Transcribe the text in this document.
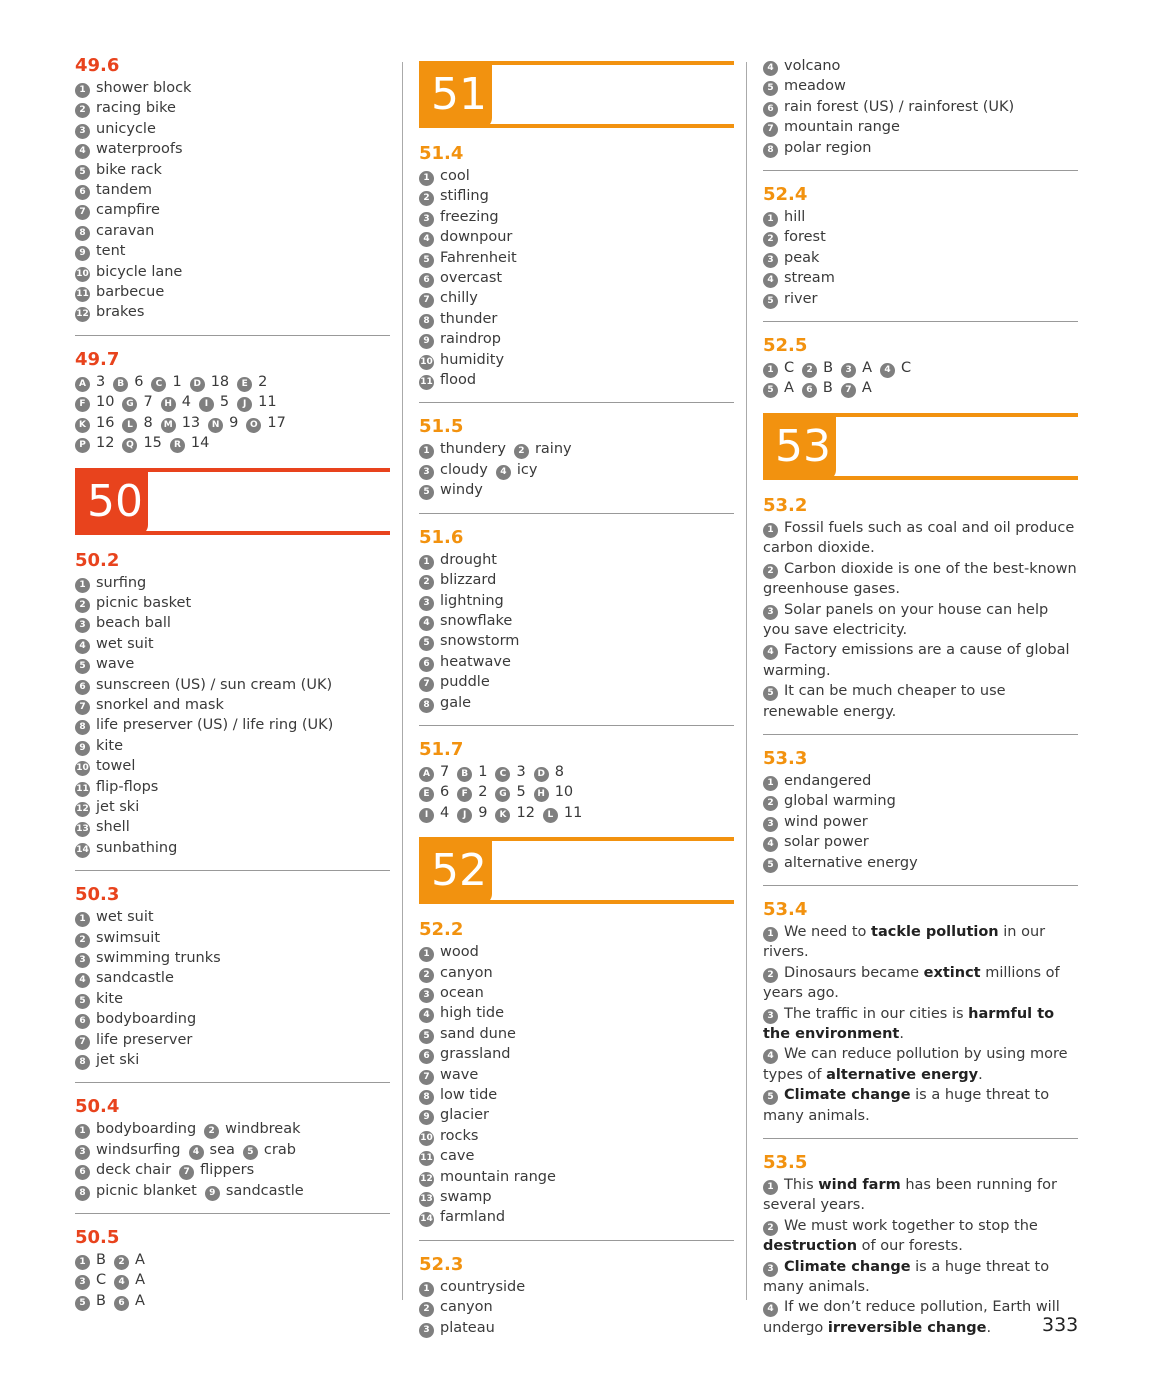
49.6
1 shower block
2 racing bike
3 unicycle
4 waterproofs
5 bike rack
6 tandem
7 campfire
8 caravan
9 tent
10 bicycle lane
11 barbecue
12 brakes
49.7
A 3 B 6 C 1 D 18 E 2
F 10 G 7 H 4 I 5 J 11
K 16 L 8 M 13 N 9 O 17
P 12 Q 15 R 14
50
50.2
1 surfing
2 picnic basket
3 beach ball
4 wet suit
5 wave
6 sunscreen (US) / sun cream (UK)
7 snorkel and mask
8 life preserver (US) / life ring (UK)
9 kite
10 towel
11 flip-flops
12 jet ski
13 shell
14 sunbathing
50.3
1 wet suit
2 swimsuit
3 swimming trunks
4 sandcastle
5 kite
6 bodyboarding
7 life preserver
8 jet ski
50.4
1 bodyboarding 2 windbreak
3 windsurfing 4 sea 5 crab
6 deck chair 7 flippers
8 picnic blanket 9 sandcastle
50.5
1 B 2 A
3 C 4 A
5 B 6 A
51
51.4
1 cool
2 stifling
3 freezing
4 downpour
5 Fahrenheit
6 overcast
7 chilly
8 thunder
9 raindrop
10 humidity
11 flood
51.5
1 thundery 2 rainy
3 cloudy 4 icy
5 windy
51.6
1 drought
2 blizzard
3 lightning
4 snowflake
5 snowstorm
6 heatwave
7 puddle
8 gale
51.7
A 7 B 1 C 3 D 8
E 6 F 2 G 5 H 10
I 4 J 9 K 12 L 11
52
52.2
1 wood
2 canyon
3 ocean
4 high tide
5 sand dune
6 grassland
7 wave
8 low tide
9 glacier
10 rocks
11 cave
12 mountain range
13 swamp
14 farmland
52.3
1 countryside
2 canyon
3 plateau
4 volcano
5 meadow
6 rain forest (US) / rainforest (UK)
7 mountain range
8 polar region
52.4
1 hill
2 forest
3 peak
4 stream
5 river
52.5
1 C 2 B 3 A 4 C
5 A 6 B 7 A
53
53.2
1 Fossil fuels such as coal and oil produce carbon dioxide.
2 Carbon dioxide is one of the best-known greenhouse gases.
3 Solar panels on your house can help you save electricity.
4 Factory emissions are a cause of global warming.
5 It can be much cheaper to use renewable energy.
53.3
1 endangered
2 global warming
3 wind power
4 solar power
5 alternative energy
53.4
1 We need to tackle pollution in our rivers.
2 Dinosaurs became extinct millions of years ago.
3 The traffic in our cities is harmful to the environment.
4 We can reduce pollution by using more types of alternative energy.
5 Climate change is a huge threat to many animals.
53.5
1 This wind farm has been running for several years.
2 We must work together to stop the destruction of our forests.
3 Climate change is a huge threat to many animals.
4 If we don’t reduce pollution, Earth will undergo irreversible change.	333
